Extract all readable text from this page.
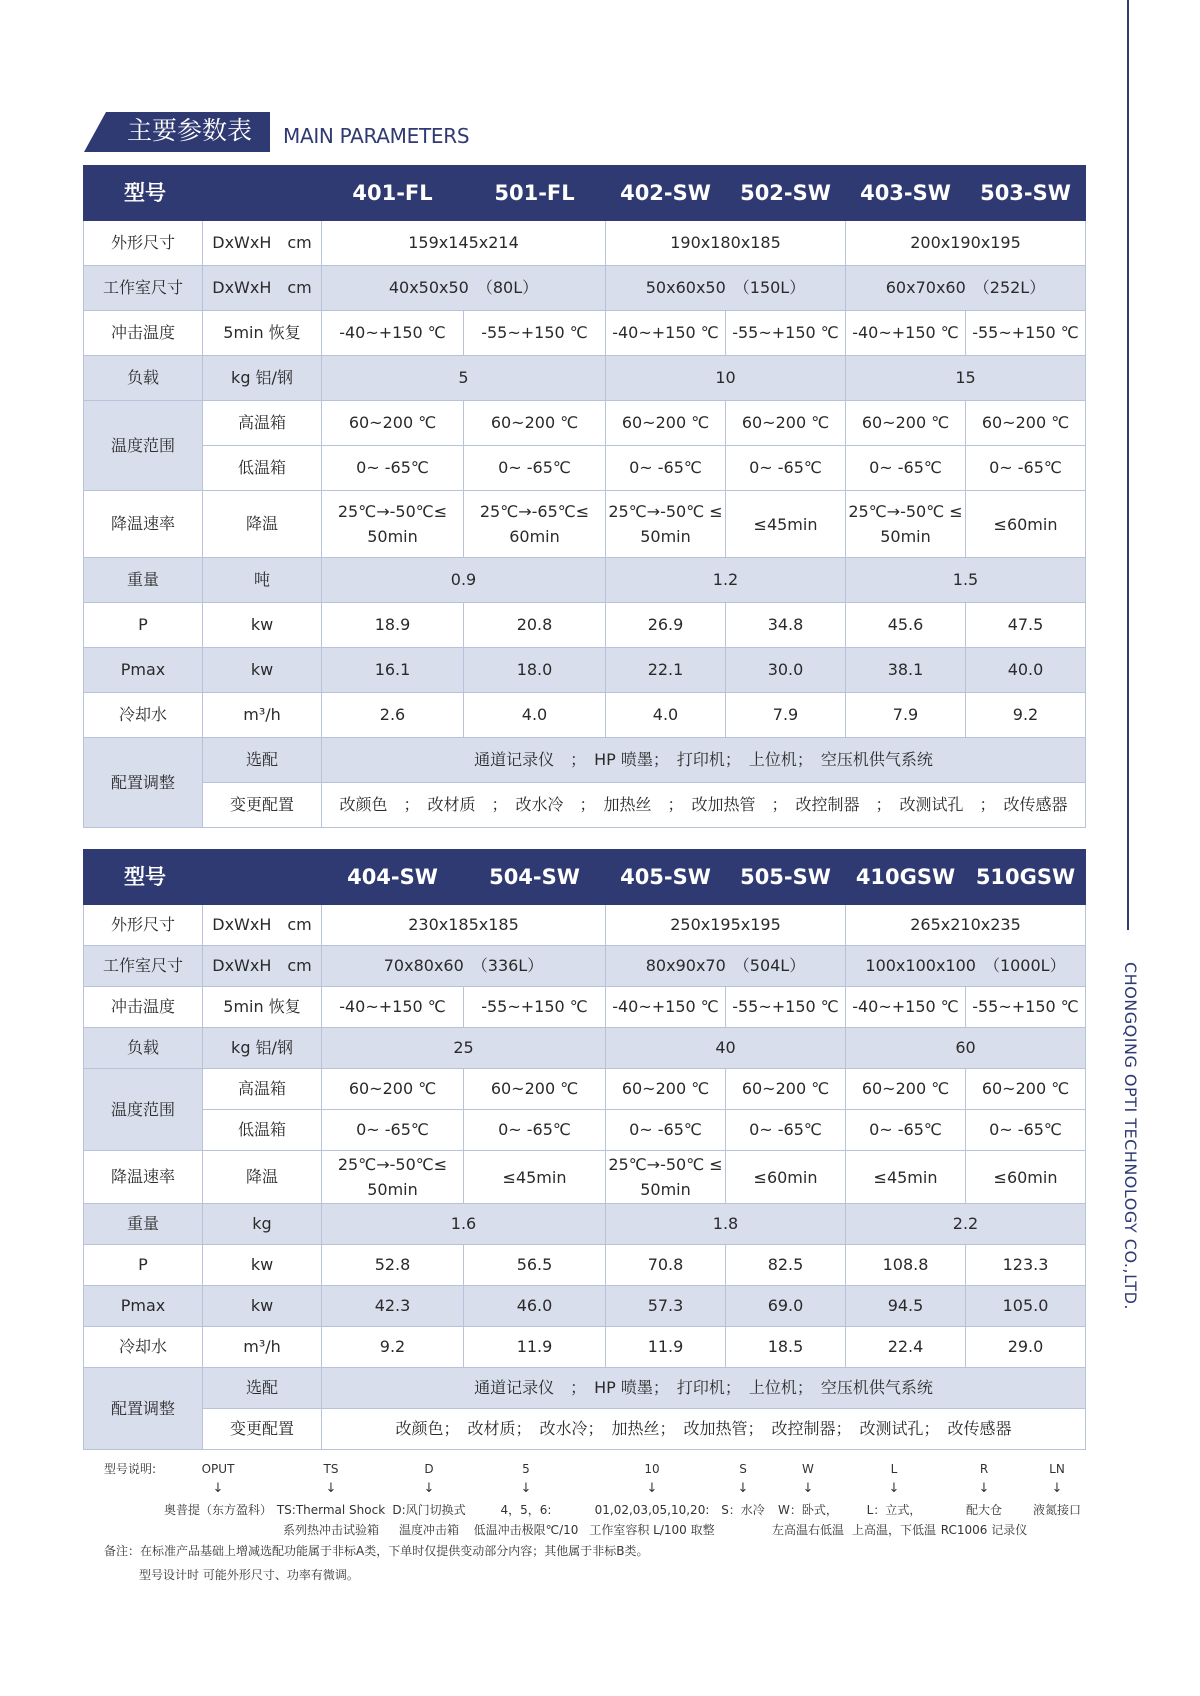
CHONGQING OPTI TECHNOLOGY CO.,LTD.
主要参数表 MAIN PARAMETERS
型号		401-FL	501-FL	402-SW	502-SW	403-SW	503-SW
外形尺寸	DxWxH　cm	159x145x214		190x180x185		200x190x195	
工作室尺寸	DxWxH　cm	40x50x50　（80L）		50x60x50　（150L）		60x70x60　（252L）	
冲击温度	5min 恢复	-40~+150 ℃	-55~+150 ℃	-40~+150 ℃	-55~+150 ℃	-40~+150 ℃	-55~+150 ℃
负载	kg 铝/钢	5		10		15	
温度范围	高温箱	60~200 ℃	60~200 ℃	60~200 ℃	60~200 ℃	60~200 ℃	60~200 ℃
	低温箱	0~ -65℃	0~ -65℃	0~ -65℃	0~ -65℃	0~ -65℃	0~ -65℃
降温速率	降温	25℃→-50℃≤ 50min	25℃→-65℃≤ 60min	25℃→-50℃ ≤ 50min	≤45min	25℃→-50℃ ≤ 50min	≤60min
重量	吨	0.9		1.2		1.5	
P	kw	18.9	20.8	26.9	34.8	45.6	47.5
Pmax	kw	16.1	18.0	22.1	30.0	38.1	40.0
冷却水	m³/h	2.6	4.0	4.0	7.9	7.9	9.2
配置调整	选配	通道记录仪　；　HP 喷墨；　打印机；　上位机；　空压机供气系统					
	变更配置	改颜色　；　改材质　；　改水冷　；　加热丝　；　改加热管　；　改控制器　；　改测试孔　；　改传感器					
型号		404-SW	504-SW	405-SW	505-SW	410GSW	510GSW
外形尺寸	DxWxH　cm	230x185x185		250x195x195		265x210x235	
工作室尺寸	DxWxH　cm	70x80x60　（336L）		80x90x70　（504L）		100x100x100　（1000L）	
冲击温度	5min 恢复	-40~+150 ℃	-55~+150 ℃	-40~+150 ℃	-55~+150 ℃	-40~+150 ℃	-55~+150 ℃
负载	kg 铝/钢	25		40		60	
温度范围	高温箱	60~200 ℃	60~200 ℃	60~200 ℃	60~200 ℃	60~200 ℃	60~200 ℃
	低温箱	0~ -65℃	0~ -65℃	0~ -65℃	0~ -65℃	0~ -65℃	0~ -65℃
降温速率	降温	25℃→-50℃≤ 50min	≤45min	25℃→-50℃ ≤ 50min	≤60min	≤45min	≤60min
重量	kg	1.6		1.8		2.2	
P	kw	52.8	56.5	70.8	82.5	108.8	123.3
Pmax	kw	42.3	46.0	57.3	69.0	94.5	105.0
冷却水	m³/h	9.2	11.9	11.9	18.5	22.4	29.0
配置调整	选配	通道记录仪　；　HP 喷墨；　打印机；　上位机；　空压机供气系统					
	变更配置	改颜色；　改材质；　改水冷；　加热丝；　改加热管；　改控制器；　改测试孔；　改传感器					
型号说明:	OPUT
↓
奥普提（东方盈科）
TS
↓
TS:Thermal Shock
系列热冲击试验箱
D
↓
D:风门切换式
温度冲击箱
5
↓
4，5，6:
低温冲击极限℃/10
10
↓
01,02,03,05,10,20:
工作室容积 L/100 取整
S
↓
S：水冷
W
↓
W：卧式，
左高温右低温
L
↓
L：立式，
上高温，下低温
R
↓
配大仓
RC1006 记录仪
LN
↓
液氮接口
备注：在标准产品基础上增减选配功能属于非标A类，下单时仅提供变动部分内容；其他属于非标B类。
型号设计时 可能外形尺寸、功率有微调。
